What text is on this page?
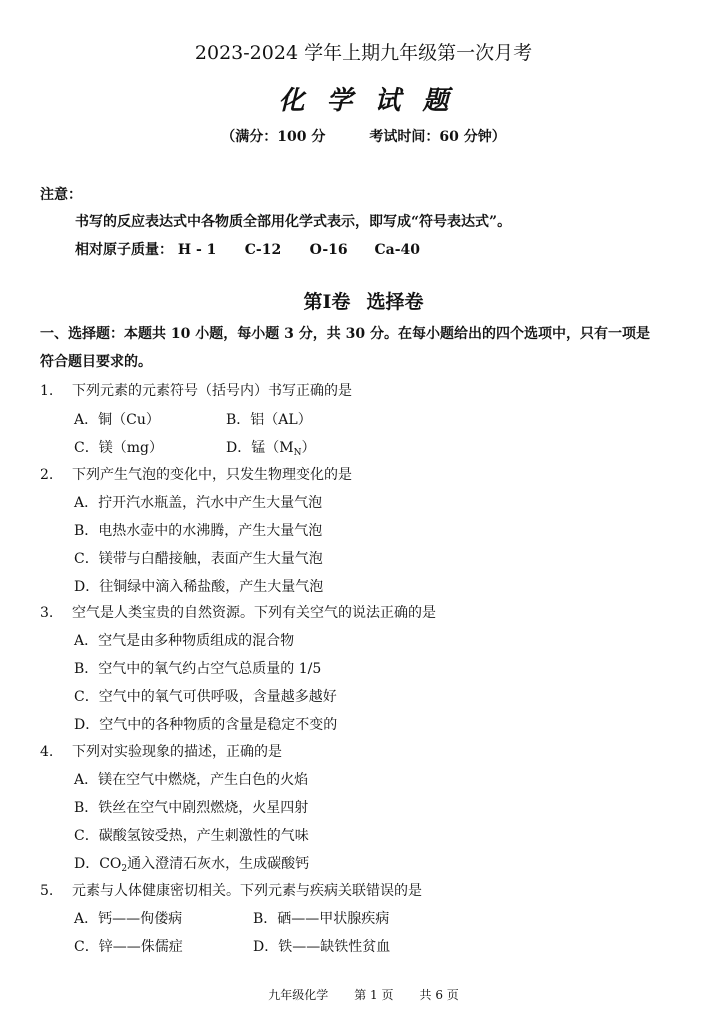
2023-2024 学年上期九年级第一次月考
化学试题
（满分：100 分	考试时间：60 分钟）
注意：
书写的反应表达式中各物质全部用化学式表示，即写成“符号表达式”。
相对原子质量： H - 1 C-12 O-16 Ca-40
第Ⅰ卷 选择卷
一、选择题：本题共 10 小题，每小题 3 分，共 30 分。在每小题给出的四个选项中，只有一项是
符合题目要求的。
1. 下列元素的元素符号（括号内）书写正确的是
A．铜（Cu）	B．铝（AL）
C．镁（mg）	D．锰$(M_N)$
2. 下列产生气泡的变化中，只发生物理变化的是
A．拧开汽水瓶盖，汽水中产生大量气泡
B．电热水壶中的水沸腾，产生大量气泡
C．镁带与白醋接触，表面产生大量气泡
D．往铜绿中滴入稀盐酸，产生大量气泡
3. 空气是人类宝贵的自然资源。下列有关空气的说法正确的是
A．空气是由多种物质组成的混合物
B．空气中的氧气约占空气总质量的 1/5
C．空气中的氧气可供呼吸，含量越多越好
D．空气中的各种物质的含量是稳定不变的
4. 下列对实验现象的描述，正确的是
A．镁在空气中燃烧，产生白色的火焰
B．铁丝在空气中剧烈燃烧，火星四射
C．碳酸氢铵受热，产生刺激性的气味
D．$CO_2$通入澄清石灰水，生成碳酸钙
5. 元素与人体健康密切相关。下列元素与疾病关联错误的是
A．钙——佝偻病	B．硒——甲状腺疾病
C．锌——侏儒症	D．铁——缺铁性贫血
九年级化学 第 1 页 共 6 页
